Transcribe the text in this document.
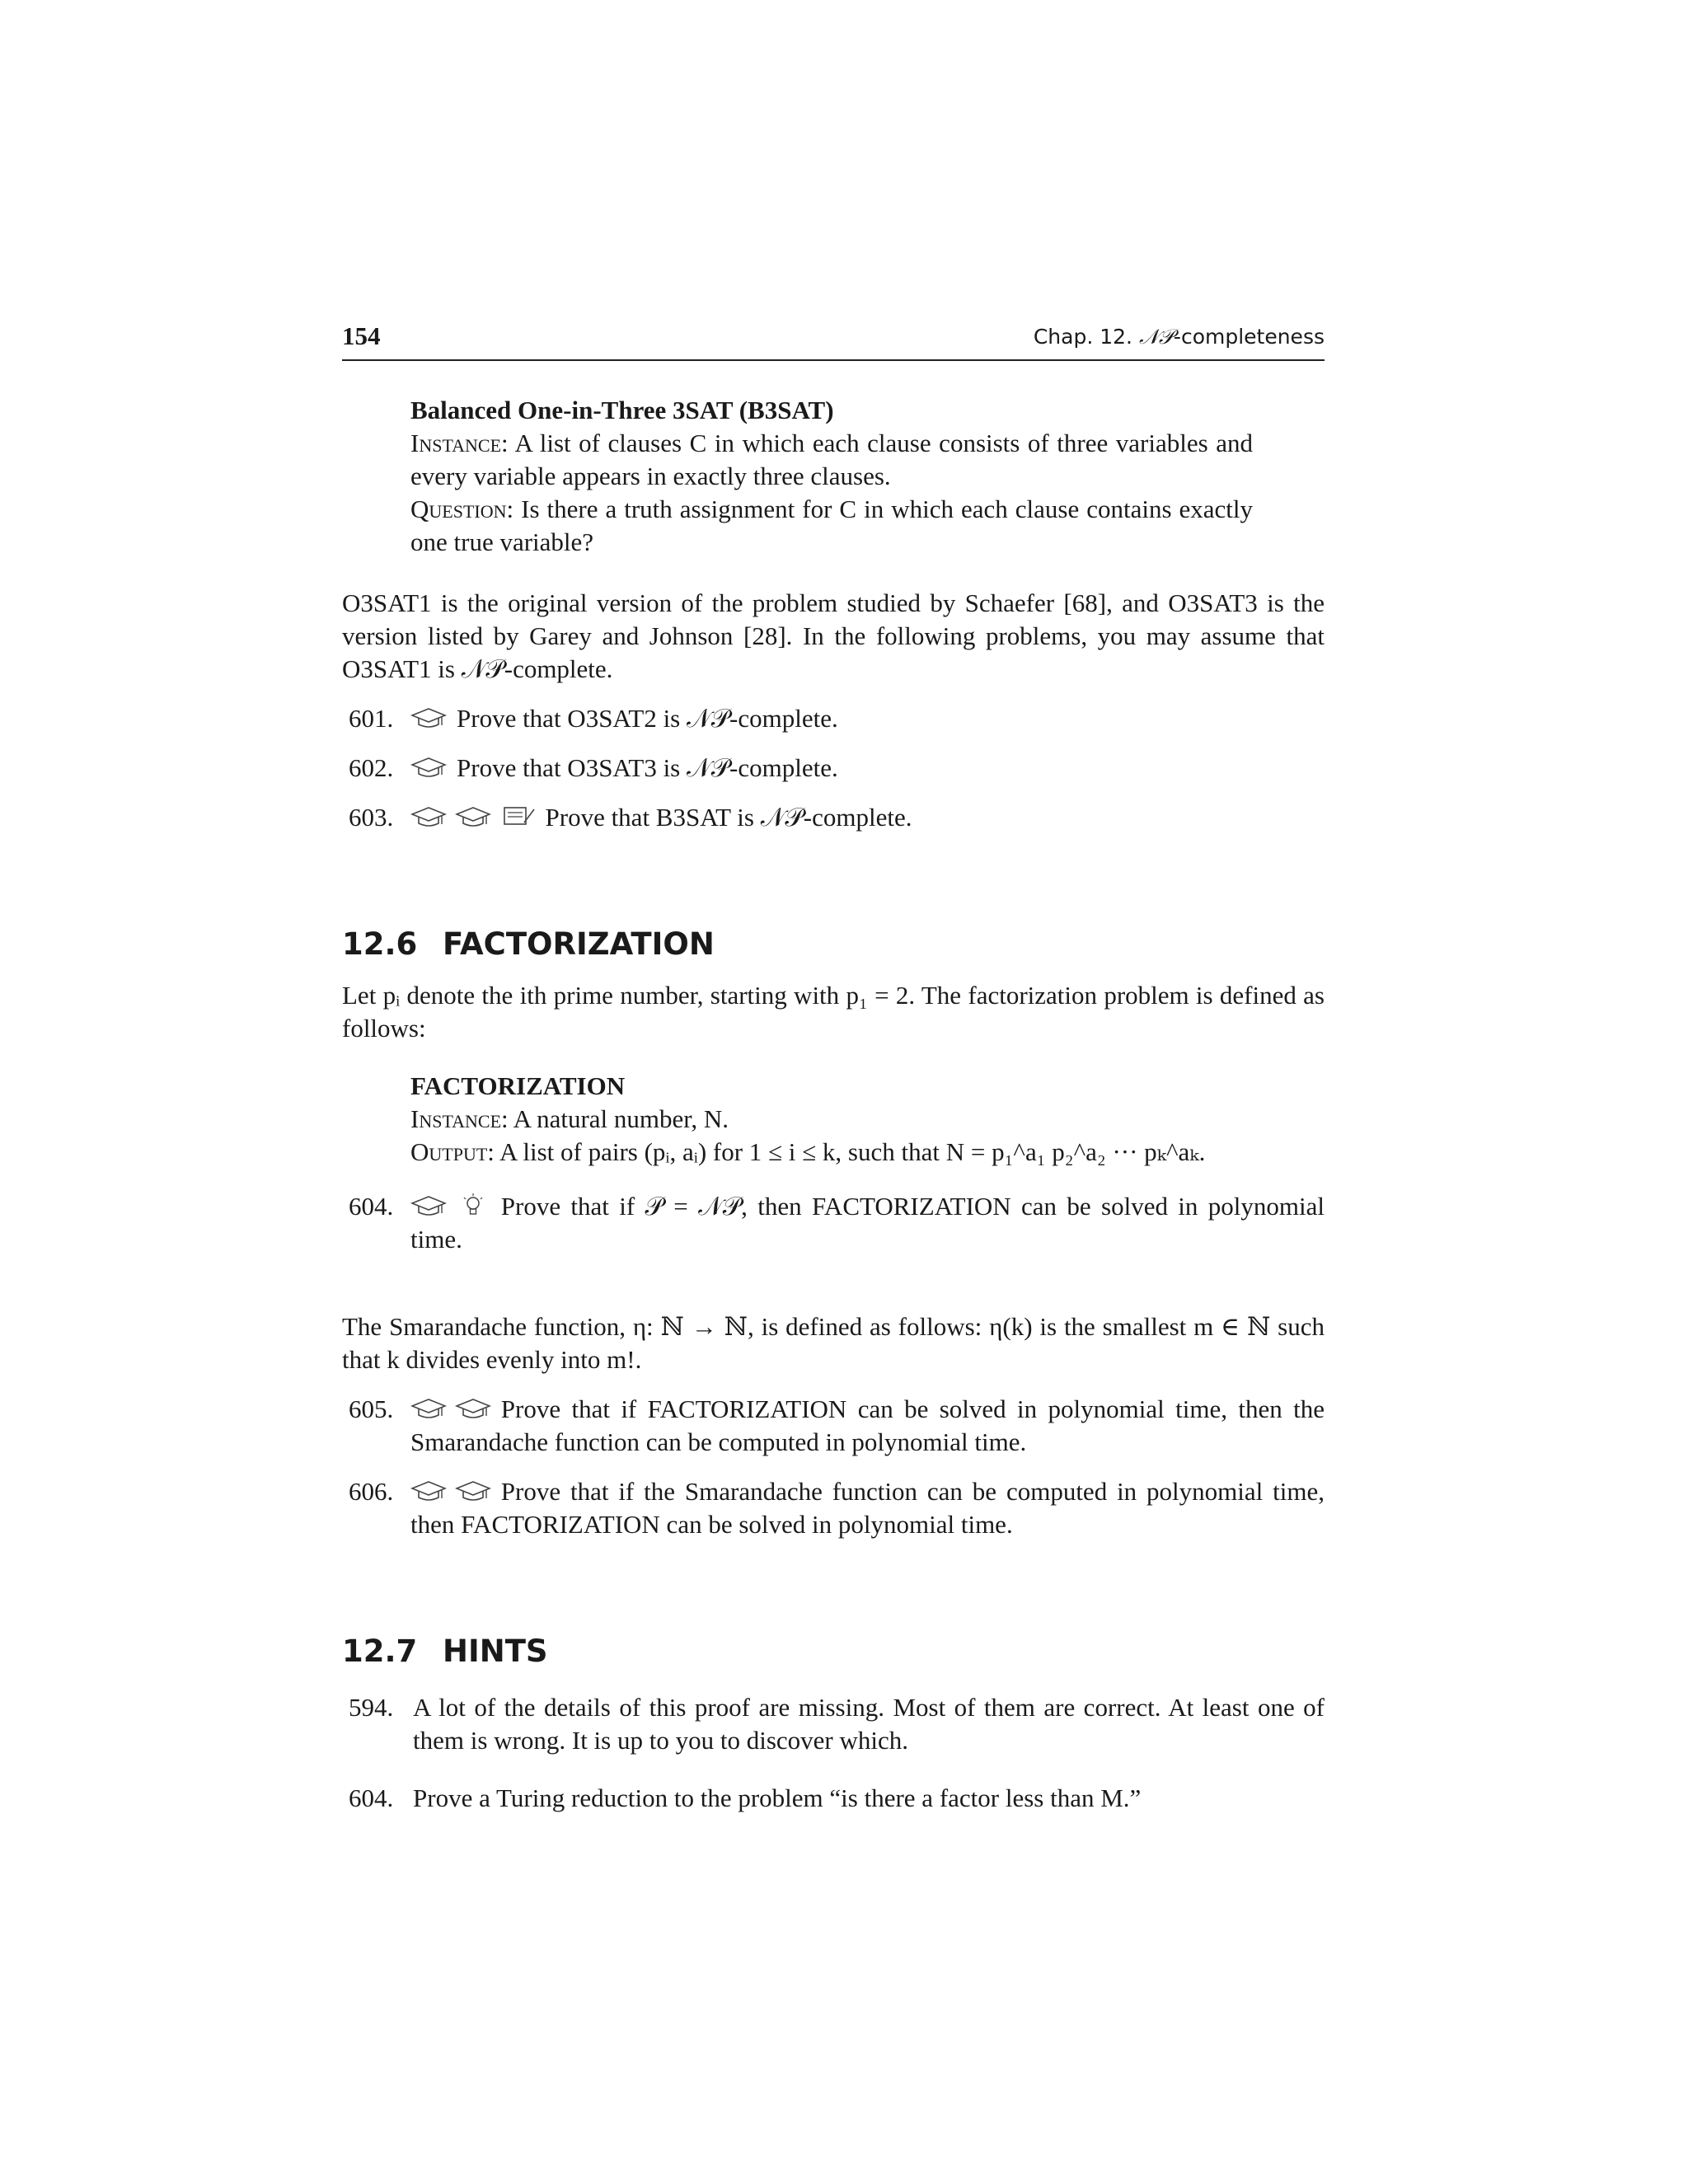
154	Chap. 12. 𝒩𝒫-completeness

Balanced One-in-Three 3SAT (B3SAT)

Instance: A list of clauses C in which each clause consists of three variables and every variable appears in exactly three clauses.

Question: Is there a truth assignment for C in which each clause contains exactly one true variable?

O3SAT1 is the original version of the problem studied by Schaefer [68], and O3SAT3 is the version listed by Garey and Johnson [28]. In the following problems, you may assume that O3SAT1 is 𝒩𝒫-complete.

601. Prove that O3SAT2 is 𝒩𝒫-complete.
602. Prove that O3SAT3 is 𝒩𝒫-complete.
603.	Prove that B3SAT is 𝒩𝒫-complete.
12.6 FACTORIZATION

Let pᵢ denote the ith prime number, starting with p₁ = 2. The factorization problem is defined as follows:

FACTORIZATION

Instance: A natural number, N.

Output: A list of pairs (pᵢ, aᵢ) for 1 ≤ i ≤ k, such that N = p₁^a₁ p₂^a₂ ··· pₖ^aₖ.

604.	Prove that if 𝒫 = 𝒩𝒫, then FACTORIZATION can be solved in polynomial time.

The Smarandache function, η: ℕ → ℕ, is defined as follows: η(k) is the smallest m ∈ ℕ such that k divides evenly into m!.

605.	Prove that if FACTORIZATION can be solved in polynomial time, then the Smarandache function can be computed in polynomial time.

606.	Prove that if the Smarandache function can be computed in polynomial time, then FACTORIZATION can be solved in polynomial time.

12.7 HINTS
594. A lot of the details of this proof are missing. Most of them are correct. At least one of them is wrong. It is up to you to discover which.

604. Prove a Turing reduction to the problem “is there a factor less than M.”
